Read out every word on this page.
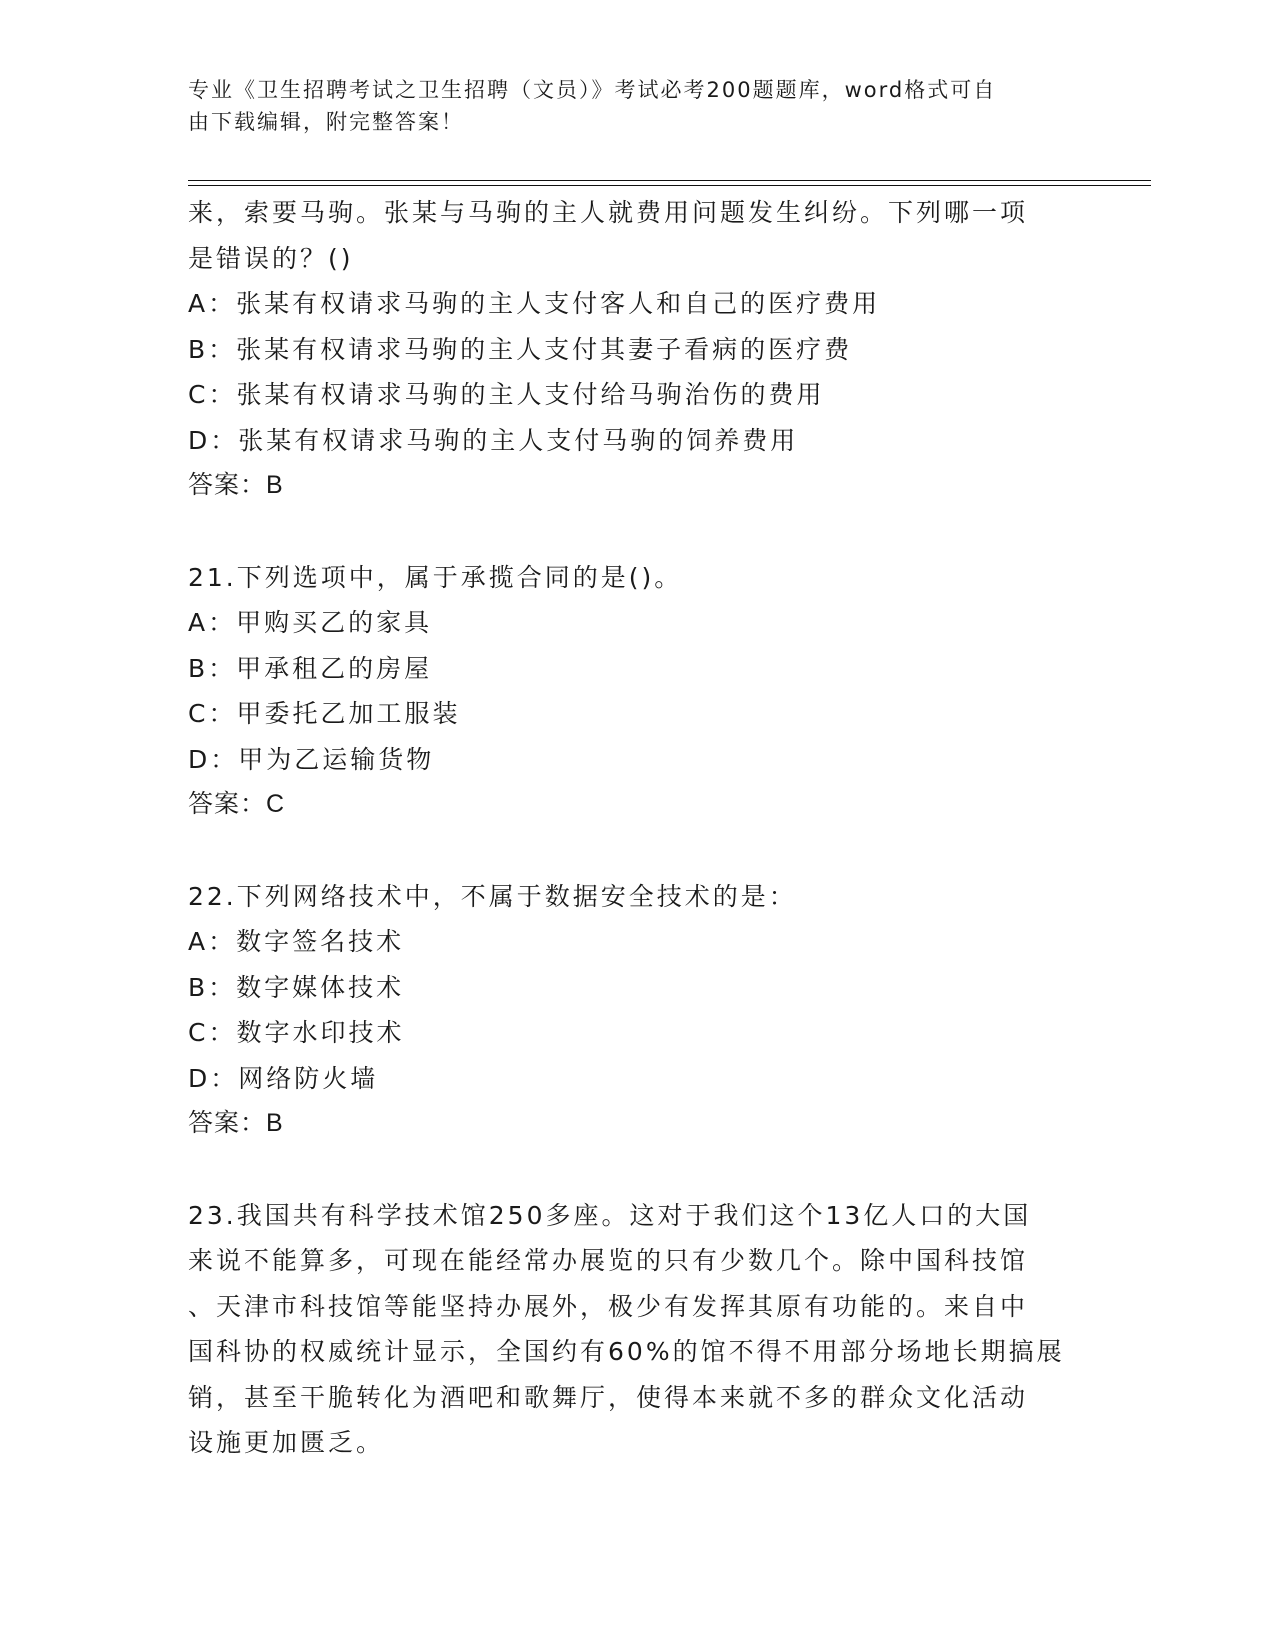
专业《卫生招聘考试之卫生招聘（文员）》考试必考200题题库，word格式可自
由下载编辑，附完整答案！
来，索要马驹。张某与马驹的主人就费用问题发生纠纷。下列哪一项
是错误的？()
A：张某有权请求马驹的主人支付客人和自己的医疗费用
B：张某有权请求马驹的主人支付其妻子看病的医疗费
C：张某有权请求马驹的主人支付给马驹治伤的费用
D：张某有权请求马驹的主人支付马驹的饲养费用
答案：B
21.下列选项中，属于承揽合同的是()。
A：甲购买乙的家具
B：甲承租乙的房屋
C：甲委托乙加工服装
D：甲为乙运输货物
答案：C
22.下列网络技术中，不属于数据安全技术的是：
A：数字签名技术
B：数字媒体技术
C：数字水印技术
D：网络防火墙
答案：B
23.我国共有科学技术馆250多座。这对于我们这个13亿人口的大国
来说不能算多，可现在能经常办展览的只有少数几个。除中国科技馆
、天津市科技馆等能坚持办展外，极少有发挥其原有功能的。来自中
国科协的权威统计显示，全国约有60%的馆不得不用部分场地长期搞展
销，甚至干脆转化为酒吧和歌舞厅，使得本来就不多的群众文化活动
设施更加匮乏。
